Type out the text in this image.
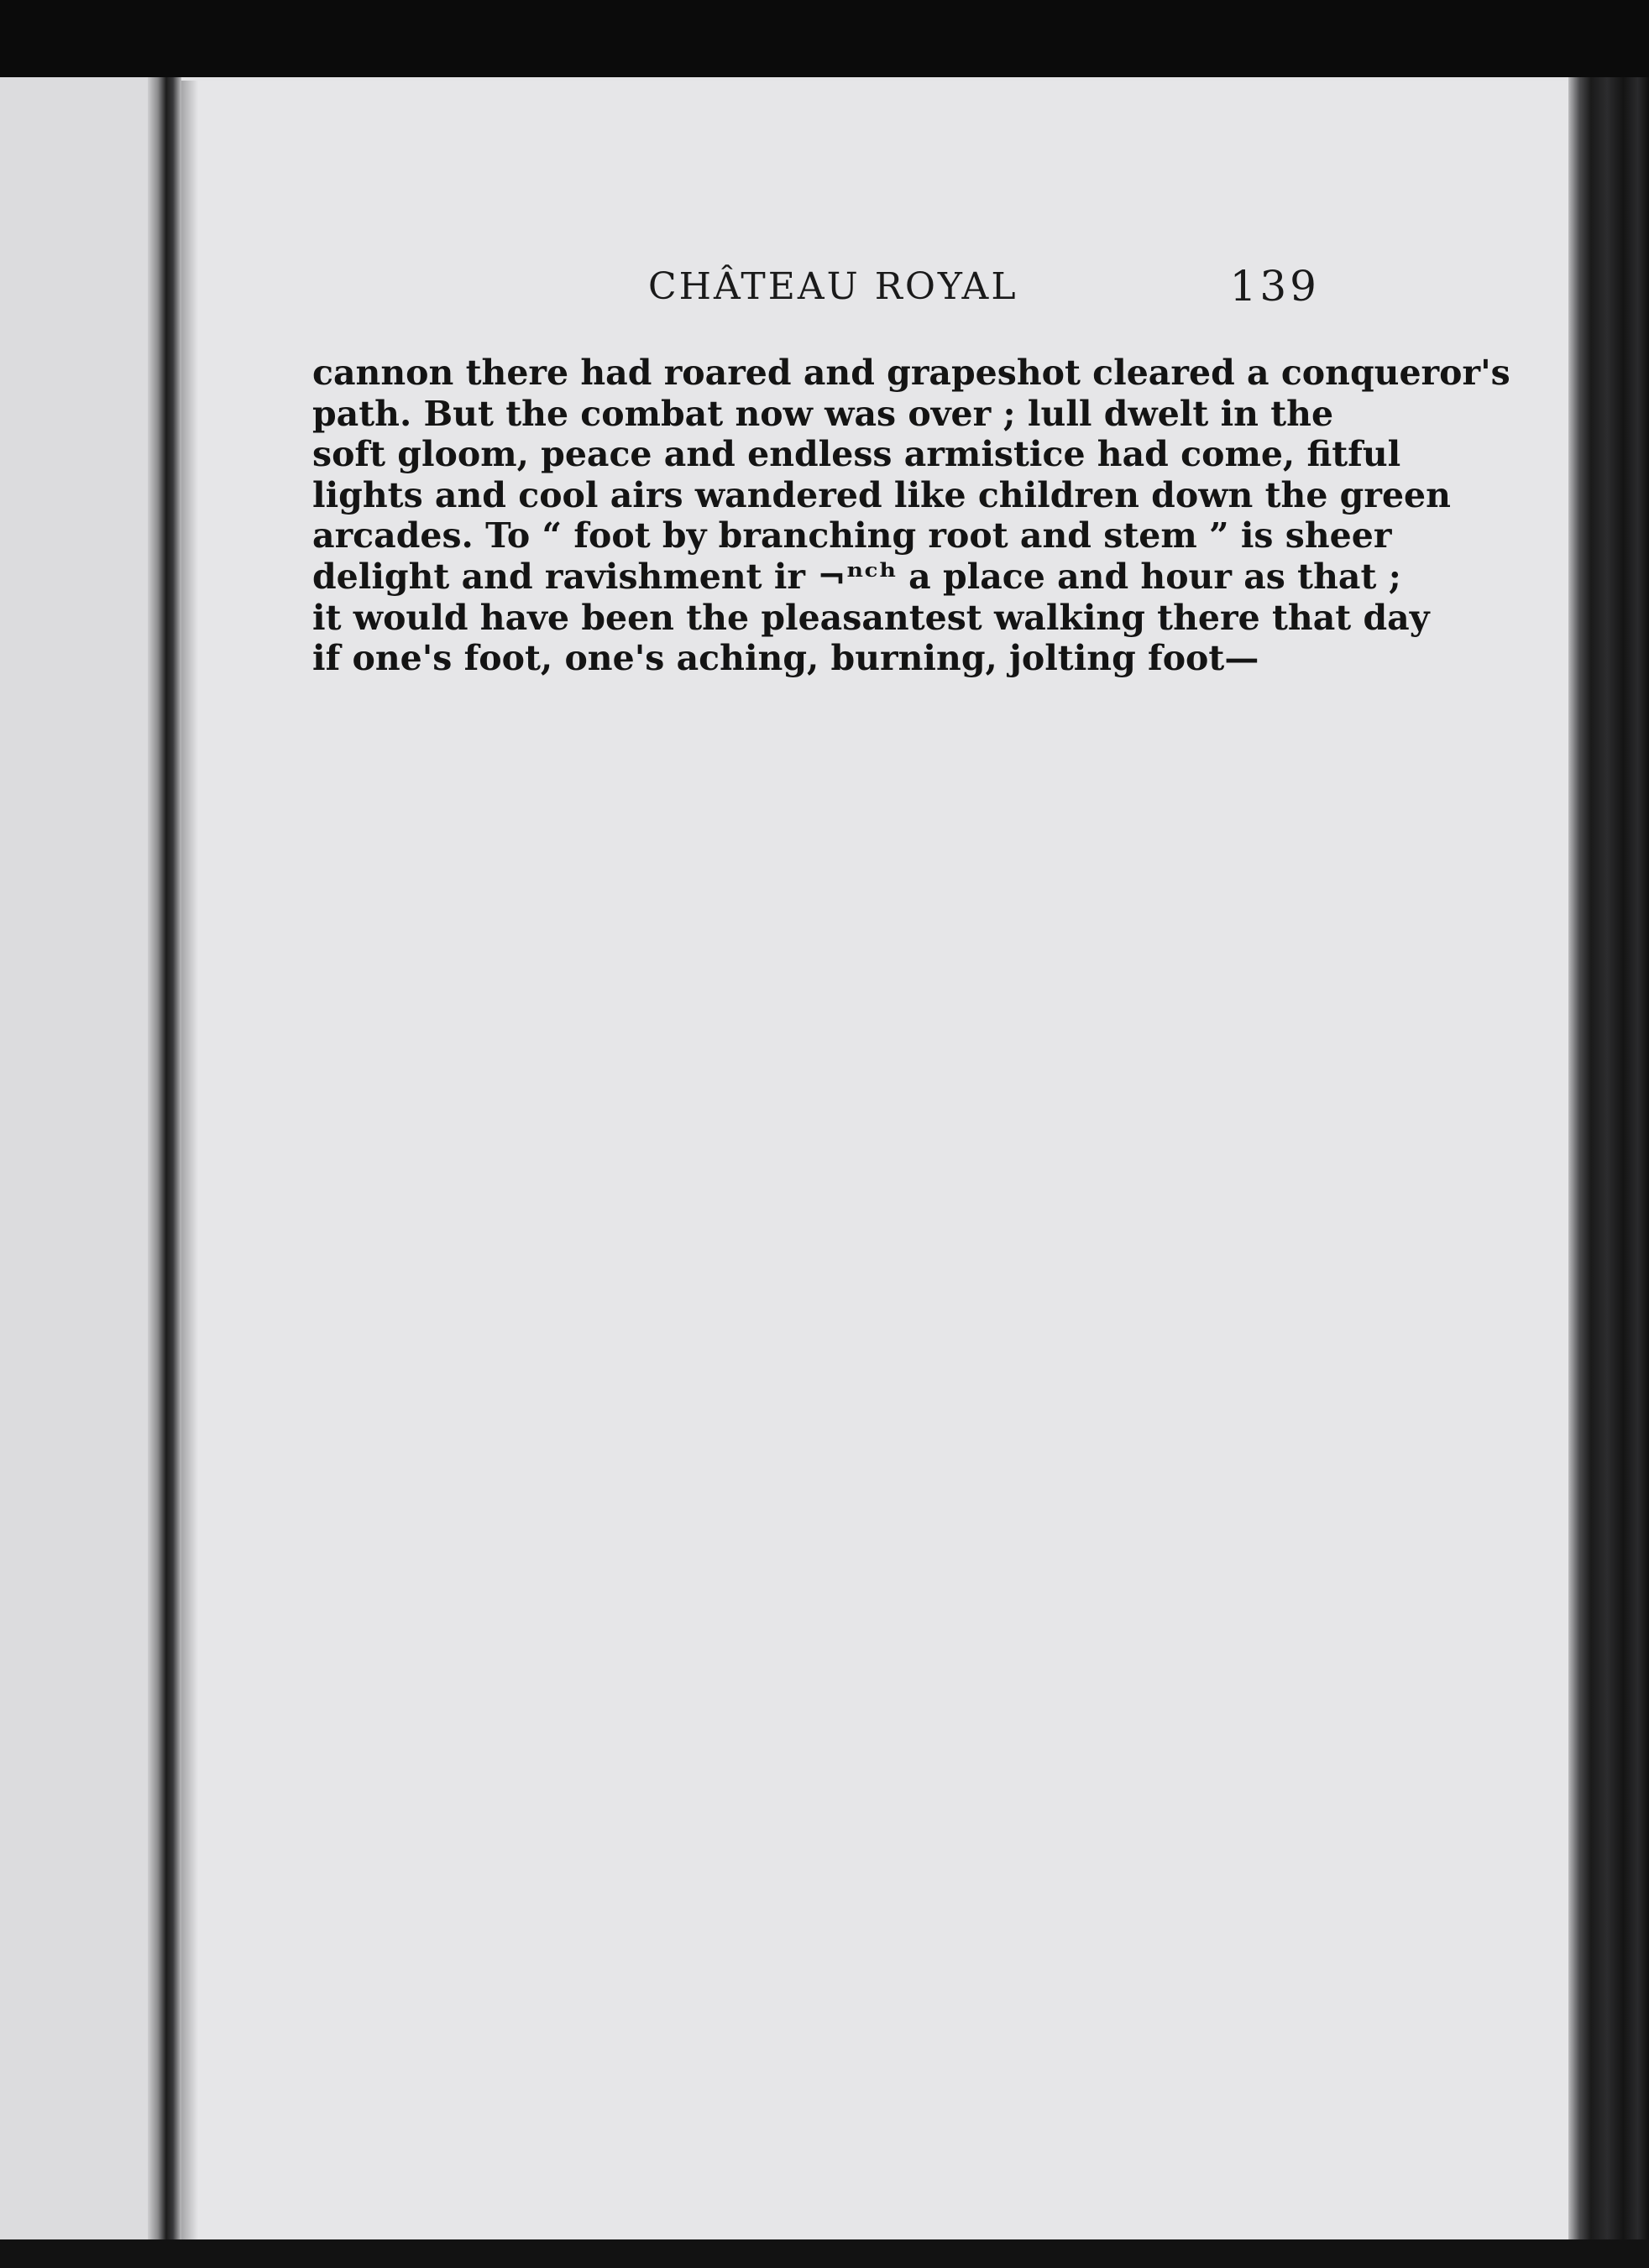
CHÂTEAU ROYAL	139
cannon there had roared and grapeshot cleared a conqueror's
path. But the combat now was over ; lull dwelt in the
soft gloom, peace and endless armistice had come, fitful
lights and cool airs wandered like children down the green
arcades. To “ foot by branching root and stem ” is sheer
delight and ravishment ir ¬ⁿᶜʰ a place and hour as that ;
it would have been the pleasantest walking there that day
if one's foot, one's aching, burning, jolting foot—
